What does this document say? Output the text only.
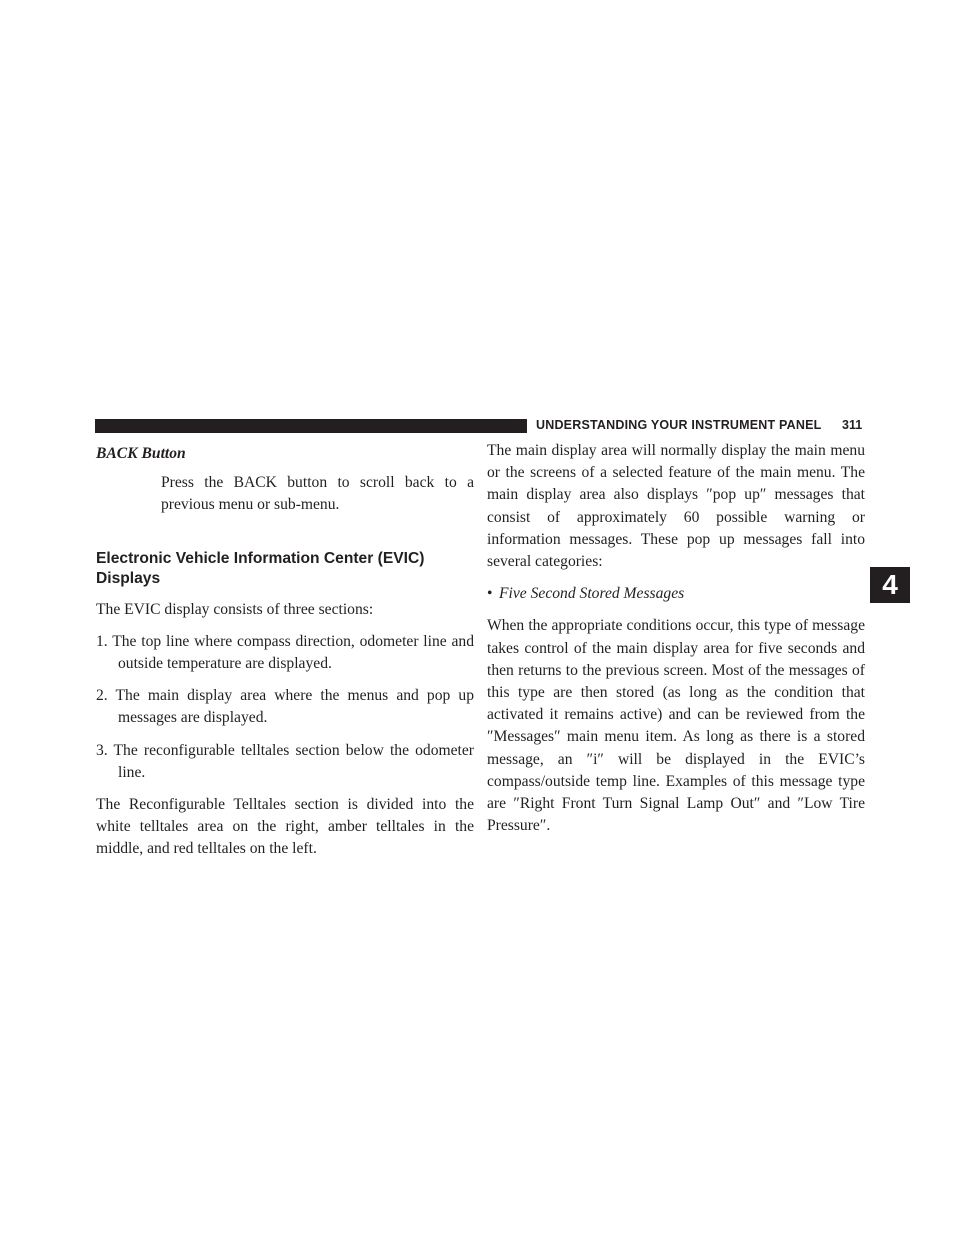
UNDERSTANDING YOUR INSTRUMENT PANEL 311
4

BACK Button

Press the BACK button to scroll back to a previous menu or sub-menu.

Electronic Vehicle Information Center (EVIC)
Displays

The EVIC display consists of three sections:

1. The top line where compass direction, odometer line and outside temperature are displayed.

2. The main display area where the menus and pop up messages are displayed.

3. The reconfigurable telltales section below the odometer line.

The Reconfigurable Telltales section is divided into the white telltales area on the right, amber telltales in the middle, and red telltales on the left.

The main display area will normally display the main menu or the screens of a selected feature of the main menu. The main display area also displays ″pop up″ messages that consist of approximately 60 possible warning or information messages. These pop up messages fall into several categories:

• Five Second Stored Messages

When the appropriate conditions occur, this type of message takes control of the main display area for five seconds and then returns to the previous screen. Most of the messages of this type are then stored (as long as the condition that activated it remains active) and can be reviewed from the ″Messages″ main menu item. As long as there is a stored message, an ″i″ will be displayed in the EVIC’s compass/outside temp line. Examples of this message type are ″Right Front Turn Signal Lamp Out″ and ″Low Tire Pressure″.
